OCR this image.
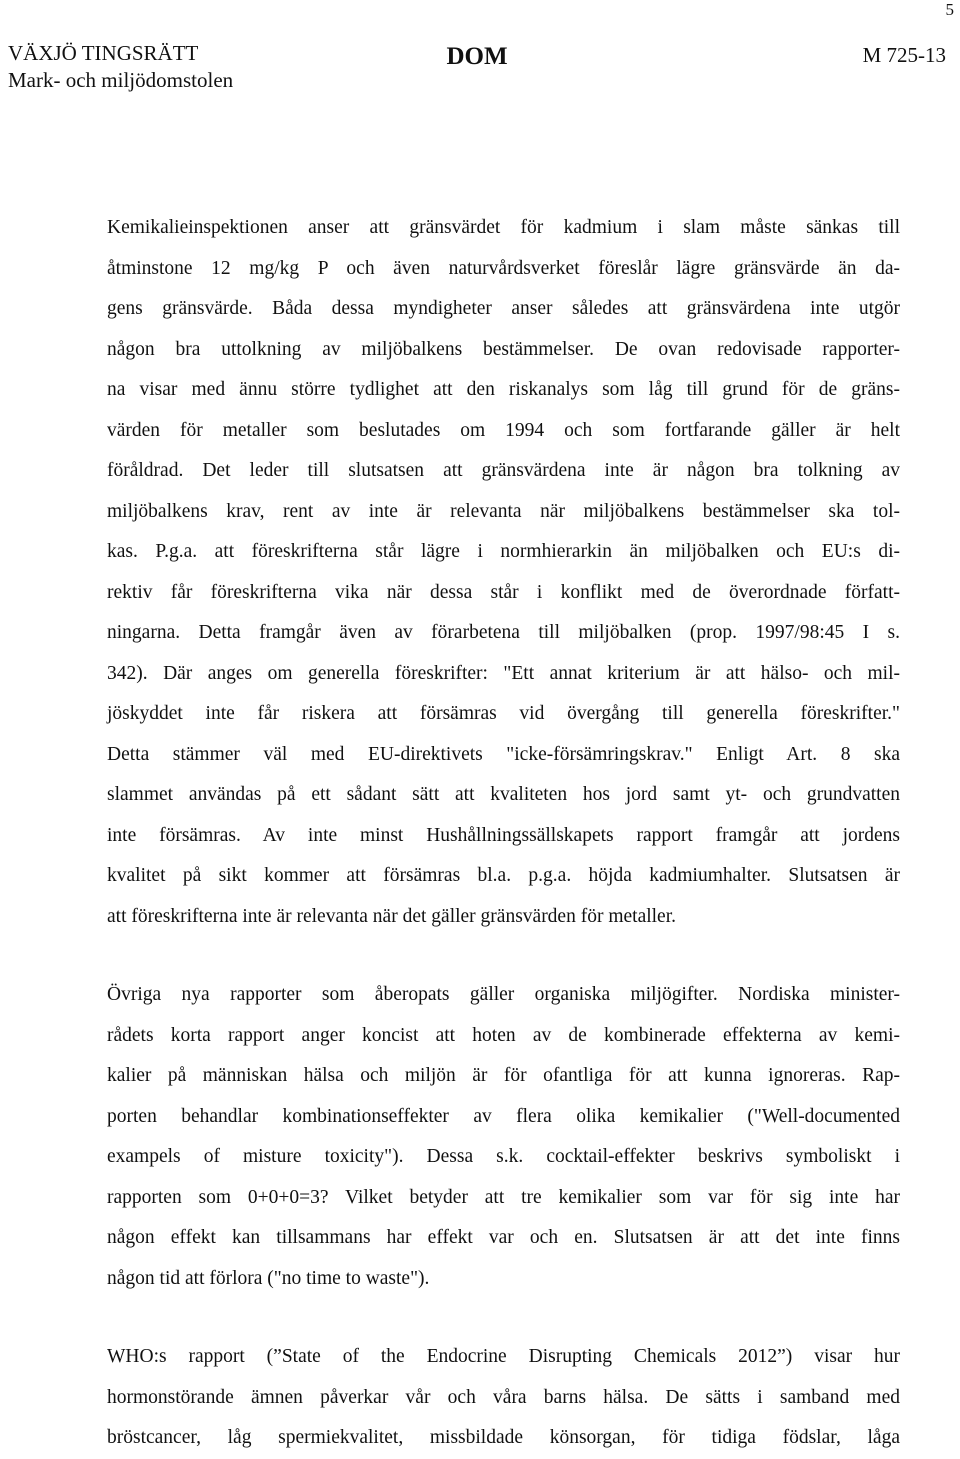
5
VÄXJÖ TINGSRÄTT
Mark- och miljödomstolen
DOM	M 725-13
Kemikalieinspektionen anser att gränsvärdet för kadmium i slam måste sänkas till
åtminstone 12 mg/kg P och även naturvårdsverket föreslår lägre gränsvärde än da-
gens gränsvärde. Båda dessa myndigheter anser således att gränsvärdena inte utgör
någon bra uttolkning av miljöbalkens bestämmelser. De ovan redovisade rapporter-
na visar med ännu större tydlighet att den riskanalys som låg till grund för de gräns-
värden för metaller som beslutades om 1994 och som fortfarande gäller är helt
föråldrad. Det leder till slutsatsen att gränsvärdena inte är någon bra tolkning av
miljöbalkens krav, rent av inte är relevanta när miljöbalkens bestämmelser ska tol-
kas. P.g.a. att föreskrifterna står lägre i normhierarkin än miljöbalken och EU:s di-
rektiv får föreskrifterna vika när dessa står i konflikt med de överordnade författ-
ningarna. Detta framgår även av förarbetena till miljöbalken (prop. 1997/98:45 I s.
342). Där anges om generella föreskrifter: "Ett annat kriterium är att hälso- och mil-
jöskyddet inte får riskera att försämras vid övergång till generella föreskrifter."
Detta stämmer väl med EU-direktivets "icke-försämringskrav." Enligt Art. 8 ska
slammet användas på ett sådant sätt att kvaliteten hos jord samt yt- och grundvatten
inte försämras. Av inte minst Hushållningssällskapets rapport framgår att jordens
kvalitet på sikt kommer att försämras bl.a. p.g.a. höjda kadmiumhalter. Slutsatsen är
att föreskrifterna inte är relevanta när det gäller gränsvärden för metaller.
Övriga nya rapporter som åberopats gäller organiska miljögifter. Nordiska minister-
rådets korta rapport anger koncist att hoten av de kombinerade effekterna av kemi-
kalier på människan hälsa och miljön är för ofantliga för att kunna ignoreras. Rap-
porten behandlar kombinationseffekter av flera olika kemikalier ("Well-documented
exampels of misture toxicity"). Dessa s.k. cocktail-effekter beskrivs symboliskt i
rapporten som 0+0+0=3? Vilket betyder att tre kemikalier som var för sig inte har
någon effekt kan tillsammans har effekt var och en. Slutsatsen är att det inte finns
någon tid att förlora ("no time to waste").
WHO:s rapport (”State of the Endocrine Disrupting Chemicals 2012”) visar hur
hormonstörande ämnen påverkar vår och våra barns hälsa. De sätts i samband med
bröstcancer, låg spermiekvalitet, missbildade könsorgan, för tidiga födslar, låga
